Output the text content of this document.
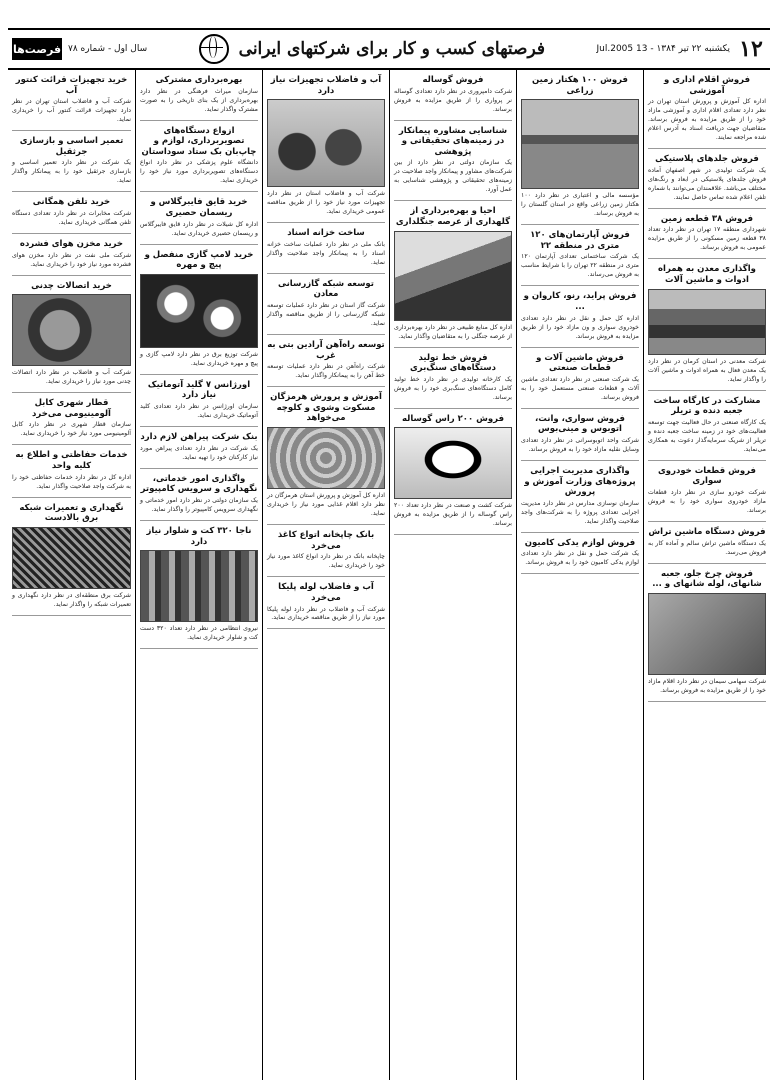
۱۲
یکشنبه ۲۲ تیر ۱۳۸۴ - 13 Jul.2005
فرصتهای کسب و کار برای شرکتهای ایرانی
سال اول - شماره ۷۸
فرصت‌ها
فروش اقلام اداری و آموزشی

اداره کل آموزش و پرورش استان تهران در نظر دارد تعدادی اقلام اداری و آموزشی مازاد خود را از طریق مزایده به فروش برساند. متقاضیان جهت دریافت اسناد به آدرس اعلام شده مراجعه نمایند.

فروش جلدهای پلاستیکی

یک شرکت تولیدی در شهر اصفهان آماده فروش جلدهای پلاستیکی در ابعاد و رنگ‌های مختلف می‌باشد. علاقمندان می‌توانند با شماره تلفن اعلام شده تماس حاصل نمایند.

فروش ۳۸ قطعه زمین

شهرداری منطقه ۱۷ تهران در نظر دارد تعداد ۳۸ قطعه زمین مسکونی را از طریق مزایده عمومی به فروش برساند.

واگذاری معدن به همراه ادوات و ماشین آلات

شرکت معدنی در استان کرمان در نظر دارد یک معدن فعال به همراه ادوات و ماشین آلات را واگذار نماید.

مشارکت در کارگاه ساخت جعبه دنده و تریلر

یک کارگاه صنعتی در حال فعالیت جهت توسعه فعالیت‌های خود در زمینه ساخت جعبه دنده و تریلر از شریک سرمایه‌گذار دعوت به همکاری می‌نماید.

فروش قطعات خودروی سواری

شرکت خودرو سازی در نظر دارد قطعات مازاد خودروی سواری خود را به فروش برساند.

فروش دستگاه ماشین تراش

یک دستگاه ماشین تراش سالم و آماده کار به فروش می‌رسد.

فروش چرخ جلو، جعبه شانهای، لوله شانهای و ...

شرکت سهامی سیمان در نظر دارد اقلام مازاد خود را از طریق مزایده به فروش برساند.

فروش ۱۰۰ هکتار زمین زراعی

مؤسسه مالی و اعتباری در نظر دارد ۱۰۰ هکتار زمین زراعی واقع در استان گلستان را به فروش برساند.

فروش آپارتمان‌های ۱۲۰ متری در منطقه ۲۲

یک شرکت ساختمانی تعدادی آپارتمان ۱۲۰ متری در منطقه ۲۲ تهران را با شرایط مناسب به فروش می‌رساند.

فروش پراید، رنو، کاروان و ...

اداره کل حمل و نقل در نظر دارد تعدادی خودروی سواری و ون مازاد خود را از طریق مزایده به فروش برساند.

فروش ماشین آلات و قطعات صنعتی

یک شرکت صنعتی در نظر دارد تعدادی ماشین آلات و قطعات صنعتی مستعمل خود را به فروش برساند.

فروش سواری، وانت، اتوبوس و مینی‌بوس

شرکت واحد اتوبوسرانی در نظر دارد تعدادی وسایل نقلیه مازاد خود را به فروش برساند.

واگذاری مدیریت اجرایی پروژه‌های وزارت آموزش و پرورش

سازمان نوسازی مدارس در نظر دارد مدیریت اجرایی تعدادی پروژه را به شرکت‌های واجد صلاحیت واگذار نماید.

فروش لوازم یدکی کامیون

یک شرکت حمل و نقل در نظر دارد تعدادی لوازم یدکی کامیون خود را به فروش برساند.

فروش گوساله

شرکت دامپروری در نظر دارد تعدادی گوساله نر پرواری را از طریق مزایده به فروش برساند.

شناسایی مشاوره پیمانکار در زمینه‌های تحقیقاتی و پژوهشی

یک سازمان دولتی در نظر دارد از بین شرکت‌های مشاور و پیمانکار واجد صلاحیت در زمینه‌های تحقیقاتی و پژوهشی شناسایی به عمل آورد.

احیا و بهره‌برداری از گلهداری از عرصه جنگلداری

اداره کل منابع طبیعی در نظر دارد بهره‌برداری از عرصه جنگلی را به متقاضیان واگذار نماید.

فروش خط تولید دستگاه‌های سنگ‌بری

یک کارخانه تولیدی در نظر دارد خط تولید کامل دستگاه‌های سنگ‌بری خود را به فروش برساند.

فروش ۲۰۰ راس گوساله

شرکت کشت و صنعت در نظر دارد تعداد ۲۰۰ راس گوساله را از طریق مزایده به فروش برساند.

آب و فاضلاب تجهیزات نیاز دارد

شرکت آب و فاضلاب استان در نظر دارد تجهیزات مورد نیاز خود را از طریق مناقصه عمومی خریداری نماید.

ساخت خزانه اسناد

بانک ملی در نظر دارد عملیات ساخت خزانه اسناد را به پیمانکار واجد صلاحیت واگذار نماید.

توسعه شبکه گازرسانی معادن

شرکت گاز استان در نظر دارد عملیات توسعه شبکه گازرسانی را از طریق مناقصه واگذار نماید.

توسعه راه‌آهن آرادین بتی به غرب

شرکت راه‌آهن در نظر دارد عملیات توسعه خط آهن را به پیمانکار واگذار نماید.

آموزش و پرورش هرمزگان مسکوت وشوی و کلوچه می‌خواهد

اداره کل آموزش و پرورش استان هرمزگان در نظر دارد اقلام غذایی مورد نیاز را خریداری نماید.

بانک چاپخانه اتواع کاغذ می‌خرد

چاپخانه بانک در نظر دارد انواع کاغذ مورد نیاز خود را خریداری نماید.

آب و فاضلاب لوله پلیکا می‌خرد

شرکت آب و فاضلاب در نظر دارد لوله پلیکا مورد نیاز را از طریق مناقصه خریداری نماید.

بهره‌برداری مشترکی

سازمان میراث فرهنگی در نظر دارد بهره‌برداری از یک بنای تاریخی را به صورت مشترک واگذار نماید.

ازواع دستگاه‌های تصویربرداری، لوازم و چاپ‌بان بک ستاد سوداستان

دانشگاه علوم پزشکی در نظر دارد انواع دستگاه‌های تصویربرداری مورد نیاز خود را خریداری نماید.

خرید قایق فایبرگلاس و ریسمان حصیری

اداره کل شیلات در نظر دارد قایق فایبرگلاس و ریسمان حصیری خریداری نماید.

خرید لامپ گازی منفصل و پیچ و مهره

شرکت توزیع برق در نظر دارد لامپ گازی و پیچ و مهره خریداری نماید.

اورژانس ۷ گلید آتوماتیک نیاز دارد

سازمان اورژانس در نظر دارد تعدادی کلید آتوماتیک خریداری نماید.

بنک شرکت پیراهن لازم دارد

یک شرکت در نظر دارد تعدادی پیراهن مورد نیاز کارکنان خود را تهیه نماید.

واگذاری امور خدماتی، نگهداری و سرویس کامپیوتر

یک سازمان دولتی در نظر دارد امور خدماتی و نگهداری سرویس کامپیوتر را واگذار نماید.

ناجا ۳۲۰ کت و شلوار نیاز دارد

نیروی انتظامی در نظر دارد تعداد ۳۲۰ دست کت و شلوار خریداری نماید.

خرید تجهیزات قرائت کنتور آب

شرکت آب و فاضلاب استان تهران در نظر دارد تجهیزات قرائت کنتور آب را خریداری نماید.

تعمیر اساسی و بازسازی جرثقیل

یک شرکت در نظر دارد تعمیر اساسی و بازسازی جرثقیل خود را به پیمانکار واگذار نماید.

خرید تلفن همگانی

شرکت مخابرات در نظر دارد تعدادی دستگاه تلفن همگانی خریداری نماید.

خرید مخزن هوای فشرده

شرکت ملی نفت در نظر دارد مخزن هوای فشرده مورد نیاز خود را خریداری نماید.

خرید اتصالات چدنی

شرکت آب و فاضلاب در نظر دارد اتصالات چدنی مورد نیاز را خریداری نماید.

قطار شهری کابل آلومینیومی می‌خرد

سازمان قطار شهری در نظر دارد کابل آلومینیومی مورد نیاز خود را خریداری نماید.

خدمات حفاظتی و اطلاع به کلیه واحد

اداره کل در نظر دارد خدمات حفاظتی خود را به شرکت واجد صلاحیت واگذار نماید.

نگهداری و تعمیرات شبکه برق بالادست

شرکت برق منطقه‌ای در نظر دارد نگهداری و تعمیرات شبکه را واگذار نماید.
